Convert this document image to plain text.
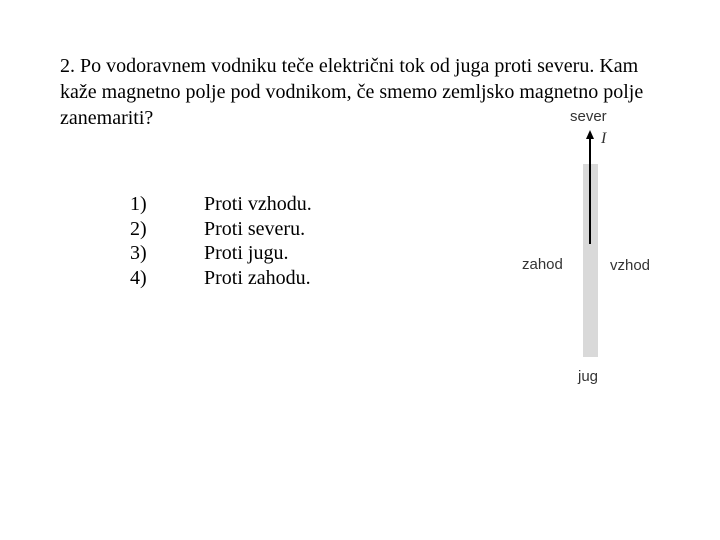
2. Po vodoravnem vodniku teče električni tok od juga proti severu. Kam kaže magnetno polje pod vodnikom, če smemo zemljsko magnetno polje zanemariti?
1)	Proti vzhodu.
2)	Proti severu.
3)	Proti jugu.
4)	Proti zahodu.
sever
I
zahod	vzhod
jug
